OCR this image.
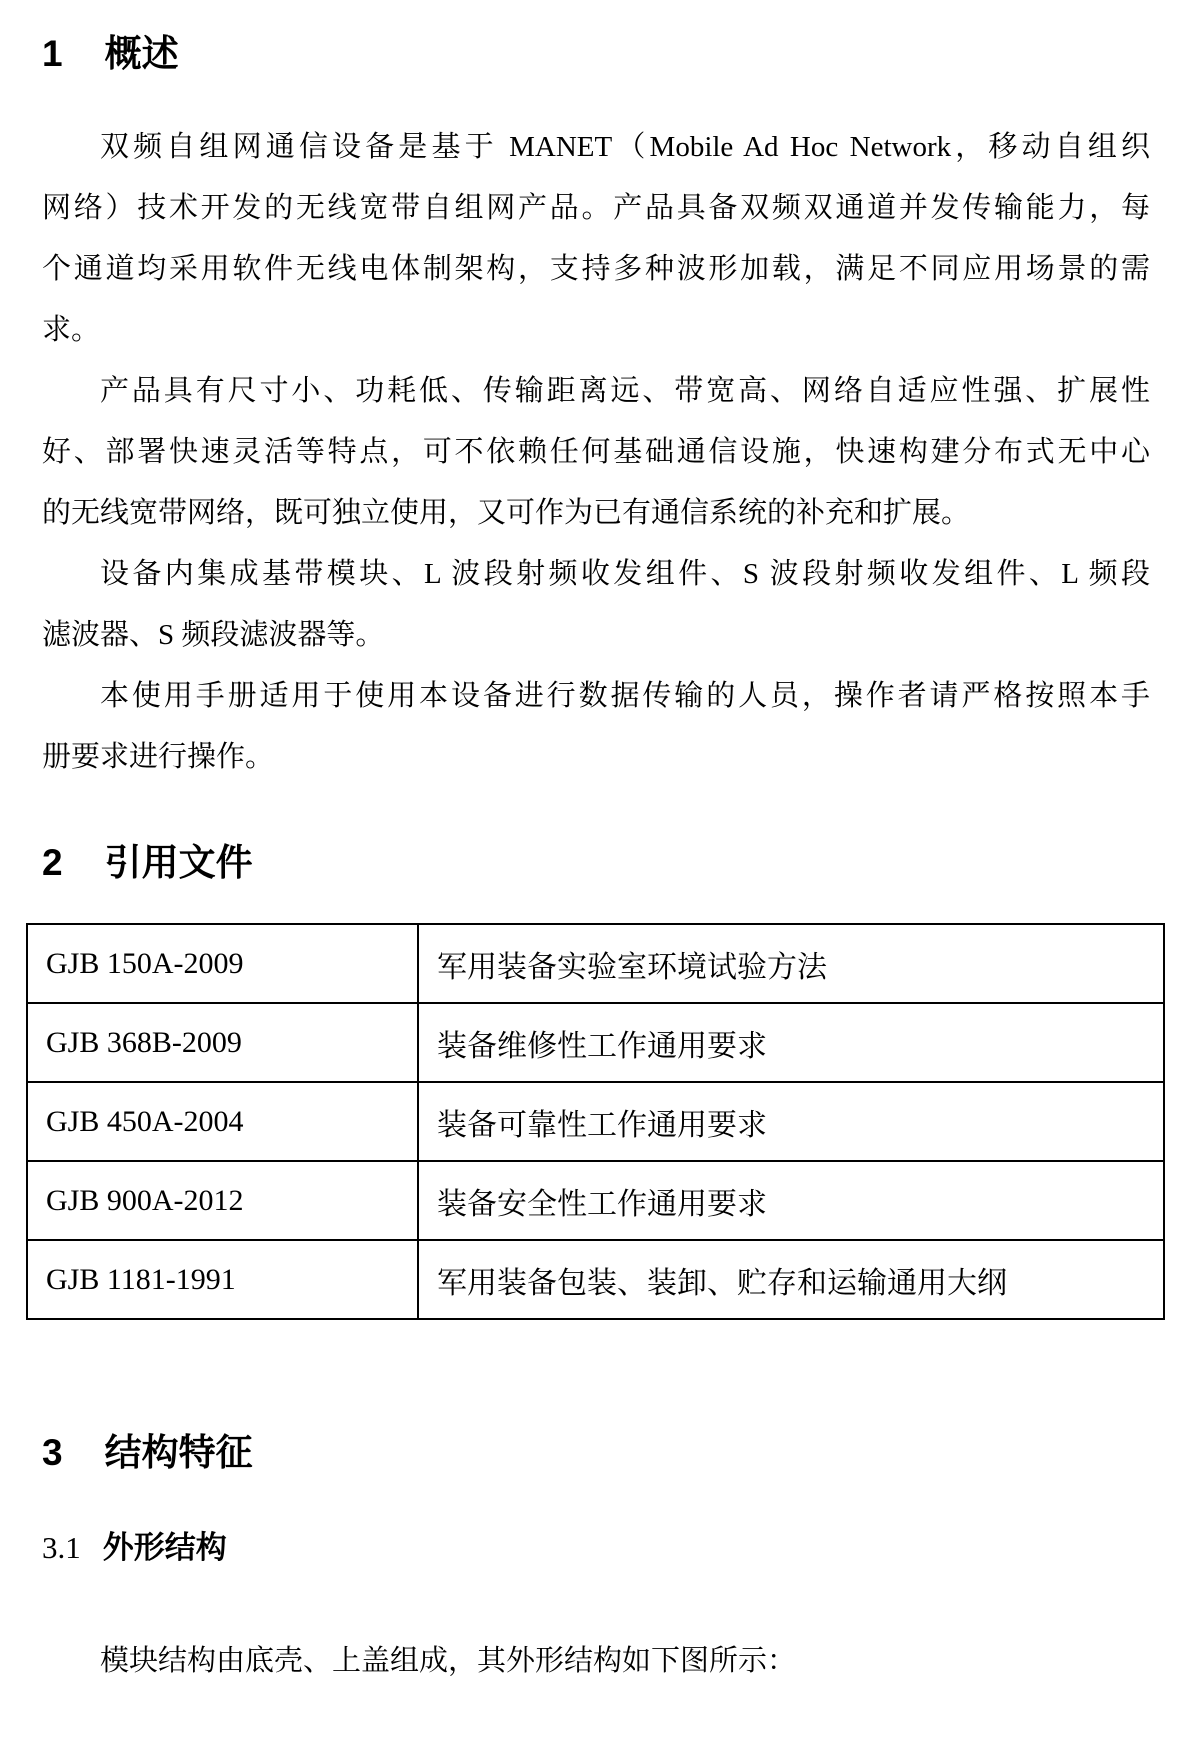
1 概述
双频自组网通信设备是基于 MANET（Mobile Ad Hoc Network，移动自组织
网络）技术开发的无线宽带自组网产品。产品具备双频双通道并发传输能力，每
个通道均采用软件无线电体制架构，支持多种波形加载，满足不同应用场景的需
求。
产品具有尺寸小、功耗低、传输距离远、带宽高、网络自适应性强、扩展性
好、部署快速灵活等特点，可不依赖任何基础通信设施，快速构建分布式无中心
的无线宽带网络，既可独立使用，又可作为已有通信系统的补充和扩展。
设备内集成基带模块、L 波段射频收发组件、S 波段射频收发组件、L 频段
滤波器、S 频段滤波器等。
本使用手册适用于使用本设备进行数据传输的人员，操作者请严格按照本手
册要求进行操作。
2 引用文件
GJB 150A-2009	军用装备实验室环境试验方法
GJB 368B-2009	装备维修性工作通用要求
GJB 450A-2004	装备可靠性工作通用要求
GJB 900A-2012	装备安全性工作通用要求
GJB 1181-1991	军用装备包装、装卸、贮存和运输通用大纲
3 结构特征
3.1 外形结构
模块结构由底壳、上盖组成，其外形结构如下图所示：
